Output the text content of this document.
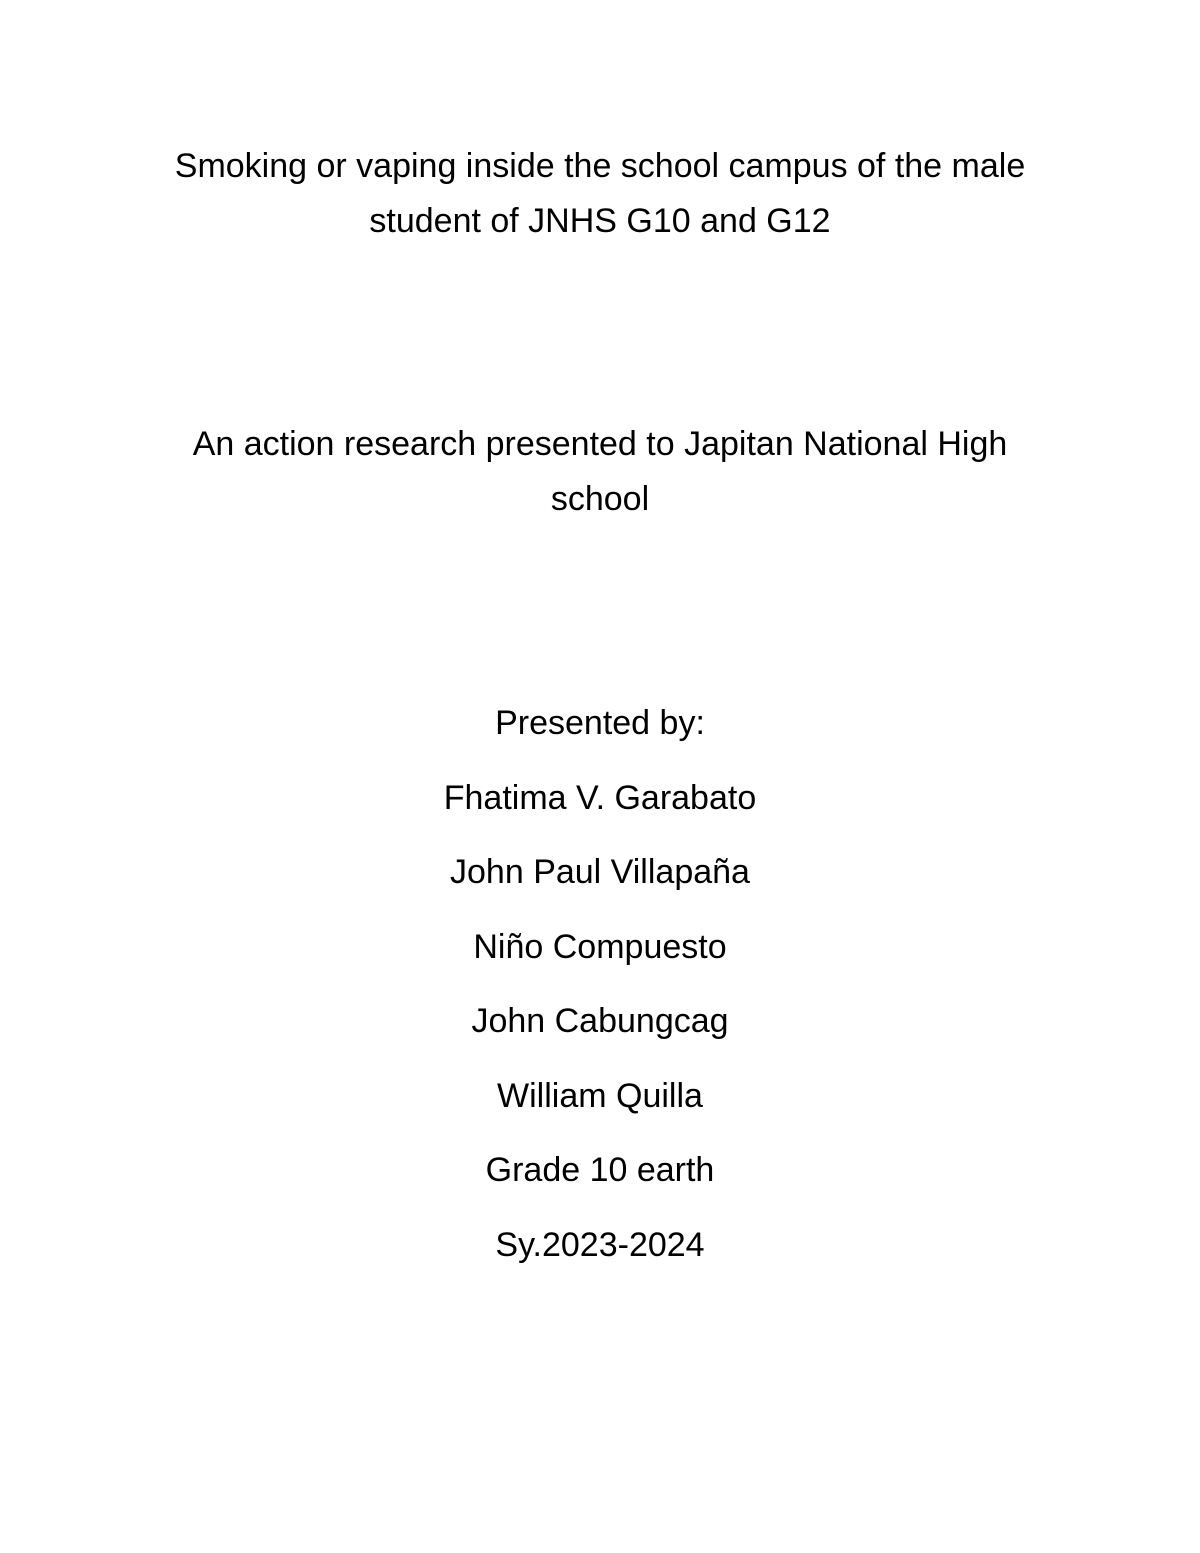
Smoking or vaping inside the school campus of the male
student of JNHS G10 and G12
An action research presented to Japitan National High
school
Presented by:
Fhatima V. Garabato
John Paul Villapaña
Niño Compuesto
John Cabungcag
William Quilla
Grade 10 earth
Sy.2023-2024
